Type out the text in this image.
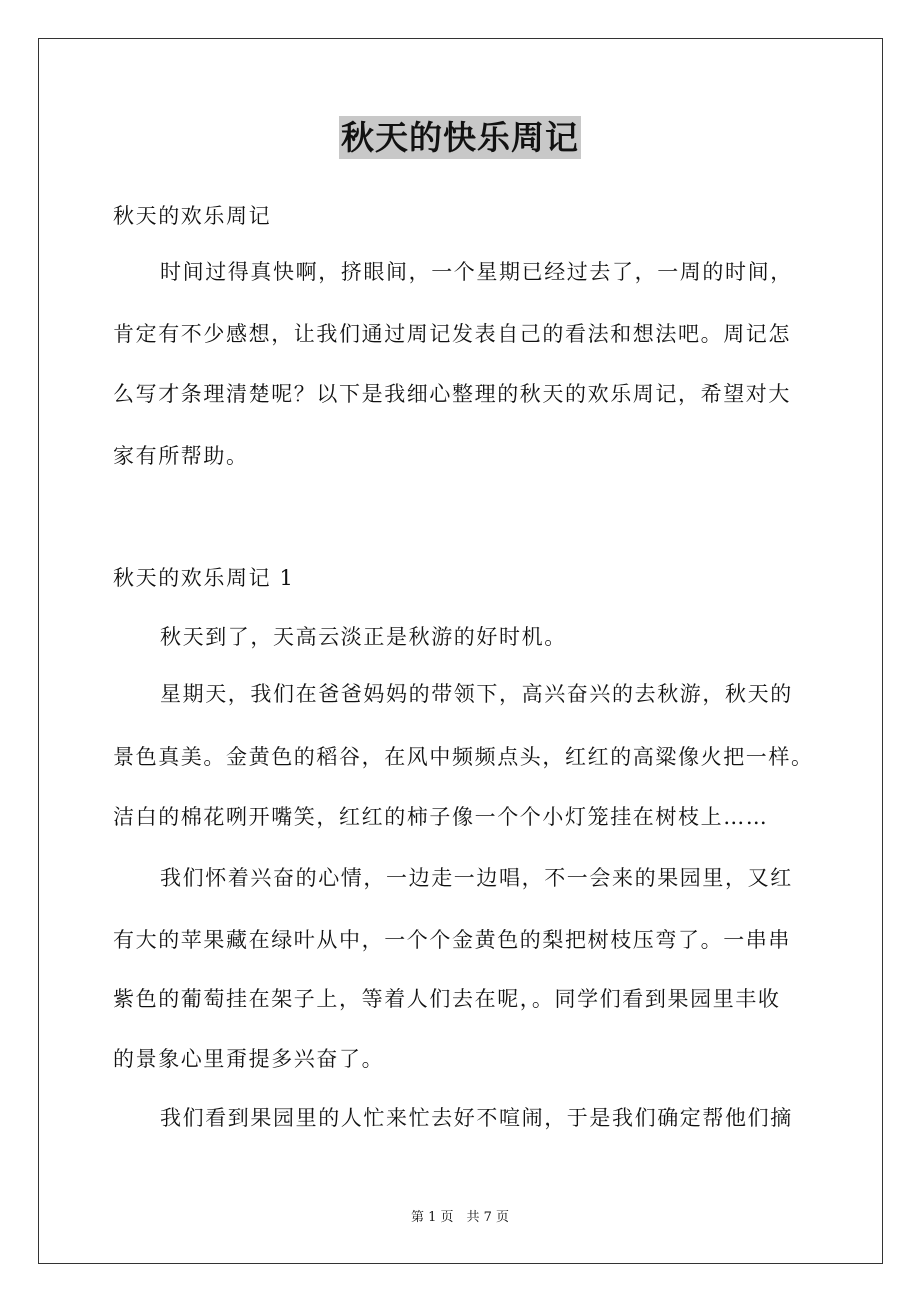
秋天的快乐周记
秋天的欢乐周记
时间过得真快啊，挤眼间，一个星期已经过去了，一周的时间，
肯定有不少感想，让我们通过周记发表自己的看法和想法吧。周记怎
么写才条理清楚呢？以下是我细心整理的秋天的欢乐周记，希望对大
家有所帮助。
秋天的欢乐周记 1
秋天到了，天高云淡正是秋游的好时机。
星期天，我们在爸爸妈妈的带领下，高兴奋兴的去秋游，秋天的
景色真美。金黄色的稻谷，在风中频频点头，红红的高粱像火把一样。
洁白的棉花咧开嘴笑，红红的柿子像一个个小灯笼挂在树枝上……
我们怀着兴奋的心情，一边走一边唱，不一会来的果园里，又红
有大的苹果藏在绿叶从中，一个个金黄色的梨把树枝压弯了。一串串
紫色的葡萄挂在架子上，等着人们去在呢，。同学们看到果园里丰收
的景象心里甭提多兴奋了。
我们看到果园里的人忙来忙去好不喧闹，于是我们确定帮他们摘
第 1 页　共 7 页
